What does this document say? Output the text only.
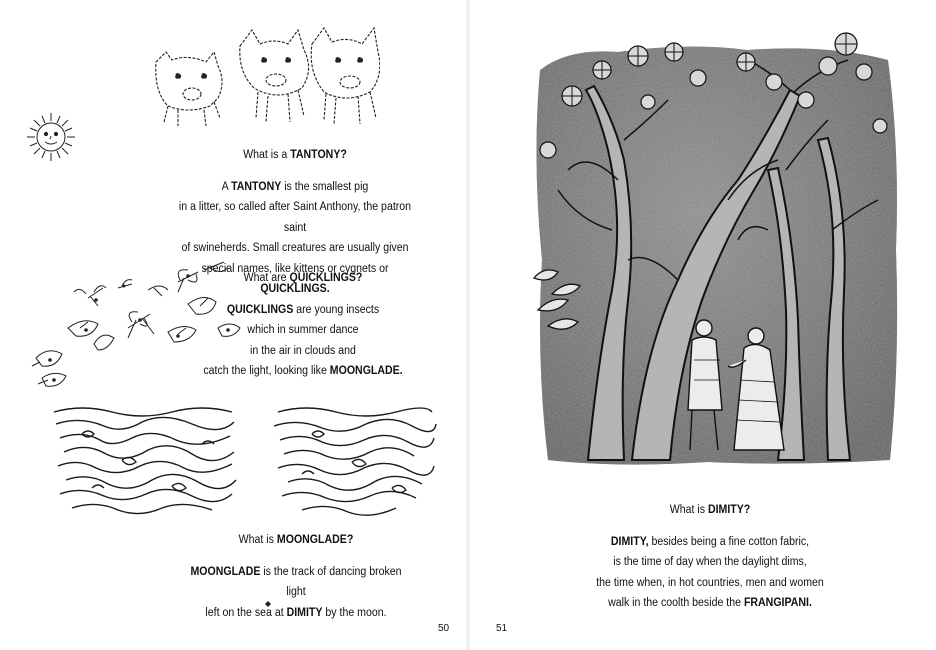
What is a TANTONY?

A TANTONY is the smallest pig

in a litter, so called after Saint Anthony, the patron saint

of swineherds. Small creatures are usually given

special names, like kittens or cygnets or QUICKLINGS.

What are QUICKLINGS?

QUICKLINGS are young insects

which in summer dance

in the air in clouds and

catch the light, looking like MOONGLADE.

What is MOONGLADE?

MOONGLADE is the track of dancing broken light

left on the sea at DIMITY by the moon.

50

What is DIMITY?

DIMITY, besides being a fine cotton fabric,

is the time of day when the daylight dims,

the time when, in hot countries, men and women

walk in the coolth beside the FRANGIPANI.

51
